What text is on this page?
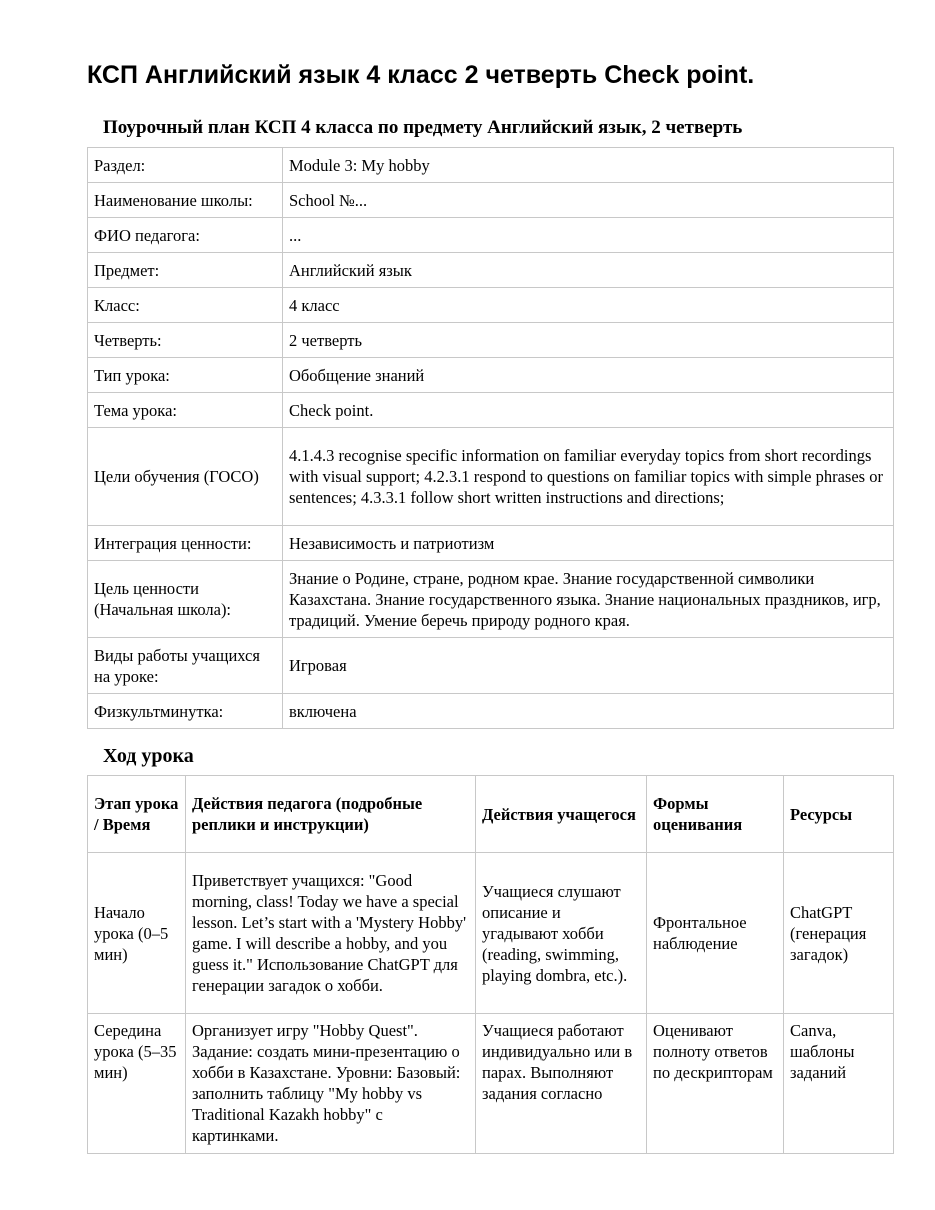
КСП Английский язык 4 класс 2 четверть Check point.
Поурочный план КСП 4 класса по предмету Английский язык, 2 четверть
Раздел:	Module 3: My hobby
Наименование школы:	School №...
ФИО педагога:	...
Предмет:	Английский язык
Класс:	4 класс
Четверть:	2 четверть
Тип урока:	Обобщение знаний
Тема урока:	Check point.
Цели обучения (ГОСО)	4.1.4.3 recognise specific information on familiar everyday topics from short recordings with visual support; 4.2.3.1 respond to questions on familiar topics with simple phrases or sentences; 4.3.3.1 follow short written instructions and directions;
Интеграция ценности:	Независимость и патриотизм
Цель ценности (Начальная школа):	Знание о Родине, стране, родном крае. Знание государственной символики Казахстана. Знание государственного языка. Знание национальных праздников, игр, традиций. Умение беречь природу родного края.
Виды работы учащихся на уроке:	Игровая
Физкультминутка:	включена
Ход урока
Этап урока / Время	Действия педагога (подробные реплики и инструкции)	Действия учащегося	Формы оценивания	Ресурсы
Начало урока (0–5 мин)	Приветствует учащихся: "Good morning, class! Today we have a special lesson. Let’s start with a 'Mystery Hobby' game. I will describe a hobby, and you guess it." Использование ChatGPT для генерации загадок о хобби.	Учащиеся слушают описание и угадывают хобби (reading, swimming, playing dombra, etc.).	Фронтальное наблюдение	ChatGPT (генерация загадок)
Середина урока (5–35 мин)	Организует игру "Hobby Quest". Задание: создать мини-презентацию о хобби в Казахстане. Уровни: Базовый: заполнить таблицу "My hobby vs Traditional Kazakh hobby" с картинками.	Учащиеся работают индивидуально или в парах. Выполняют задания согласно	Оценивают полноту ответов по дескрипторам	Canva, шаблоны заданий
